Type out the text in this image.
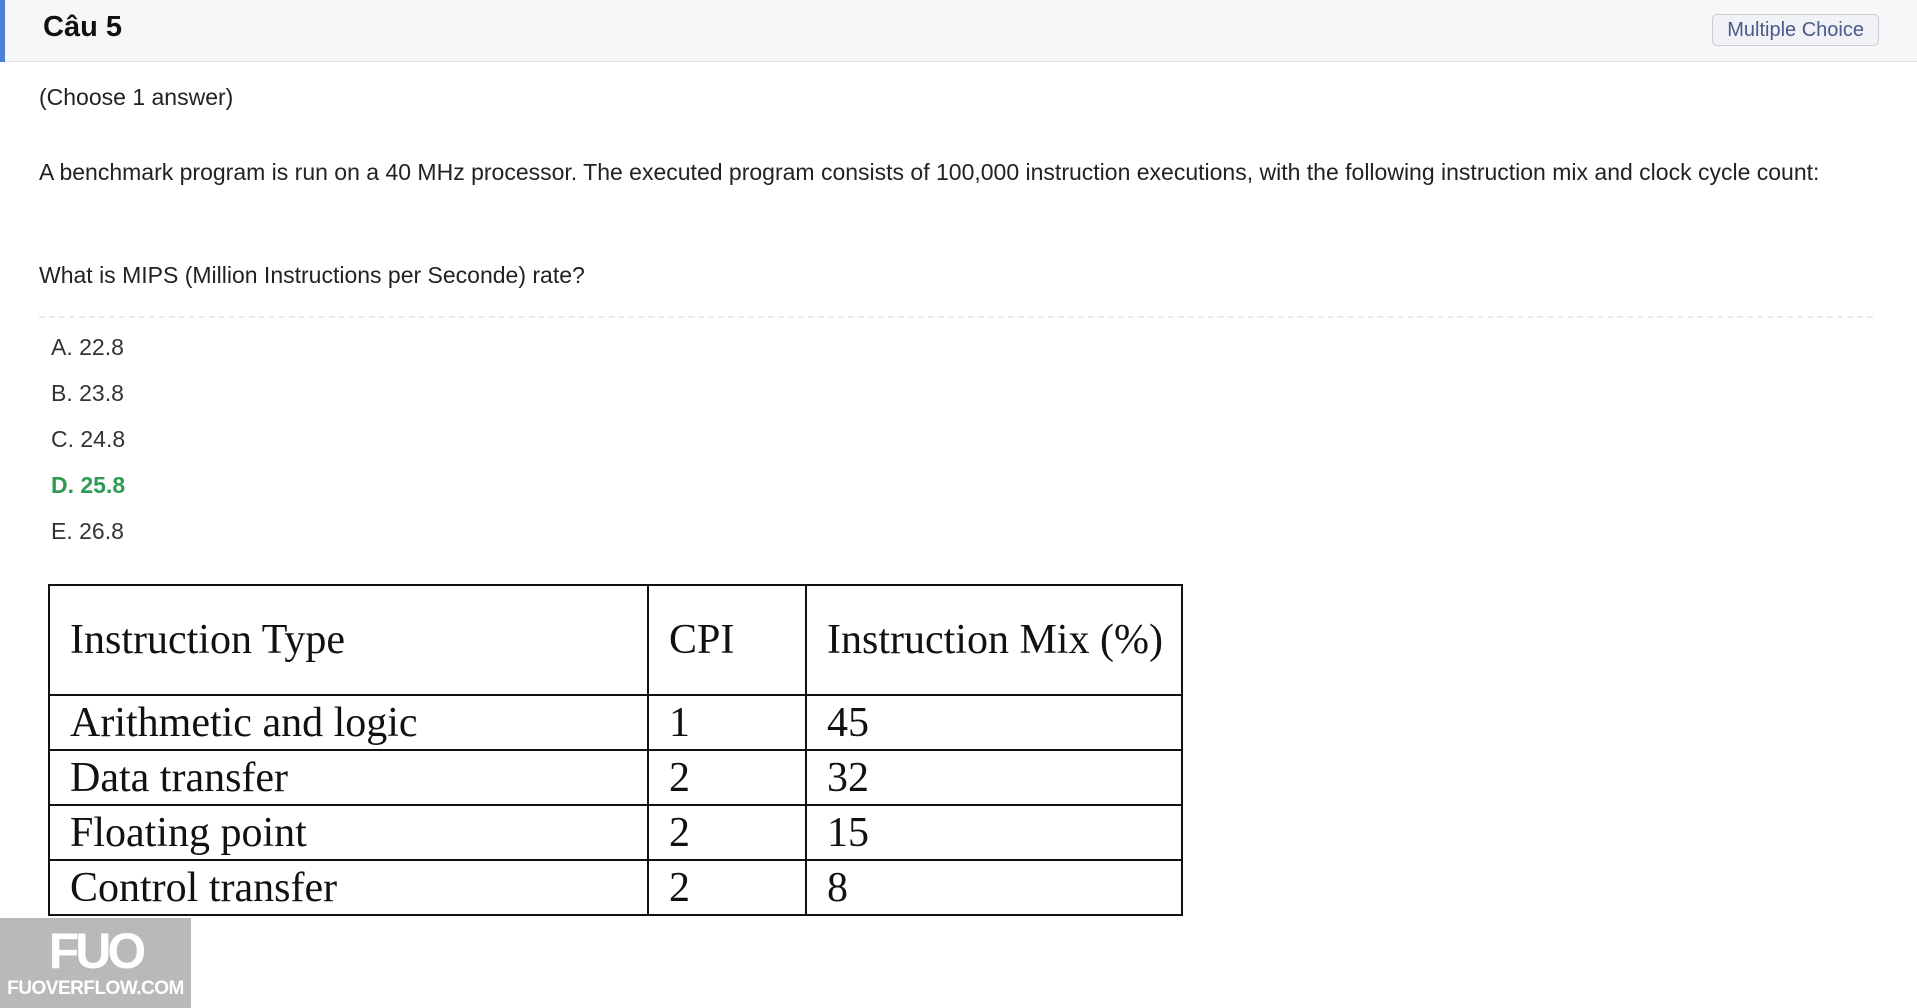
Câu 5	Multiple Choice
(Choose 1 answer)
A benchmark program is run on a 40 MHz processor. The executed program consists of 100,000 instruction executions, with the following instruction mix and clock cycle count:
What is MIPS (Million Instructions per Seconde) rate?
A. 22.8
B. 23.8
C. 24.8
D. 25.8
E. 26.8
Instruction Type	CPI	Instruction Mix (%)
Arithmetic and logic	1	45
Data transfer	2	32
Floating point	2	15
Control transfer	2	8
FUO
FUOVERFLOW.COM
